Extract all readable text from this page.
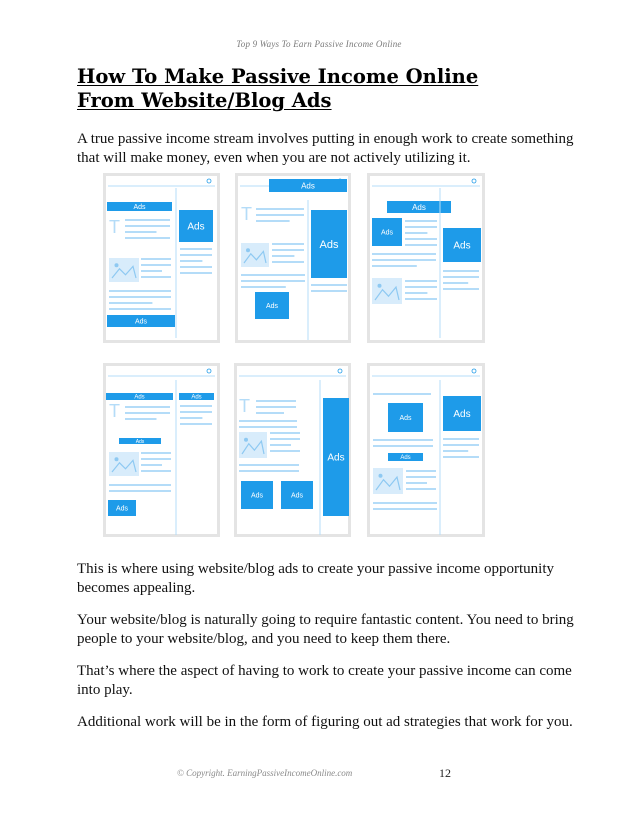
Top 9 Ways To Earn Passive Income Online
How To Make Passive Income Online
From Website/Blog Ads

A true passive income stream involves putting in enough work to create something that will make money, even when you are not actively utilizing it.

Ads
T
Ads
Ads
Ads
T
Ads
Ads
Ads
Ads
Ads
Ads
T
Ads
Ads
Ads T
Ads	Ads
Ads
Ads
Ads
Ads

This is where using website/blog ads to create your passive income opportunity becomes appealing.

Your website/blog is naturally going to require fantastic content. You need to bring people to your website/blog, and you need to keep them there.

That’s where the aspect of having to work to create your passive income can come into play.

Additional work will be in the form of figuring out ad strategies that work for you.

© Copyright. EarningPassiveIncomeOnline.com	12
